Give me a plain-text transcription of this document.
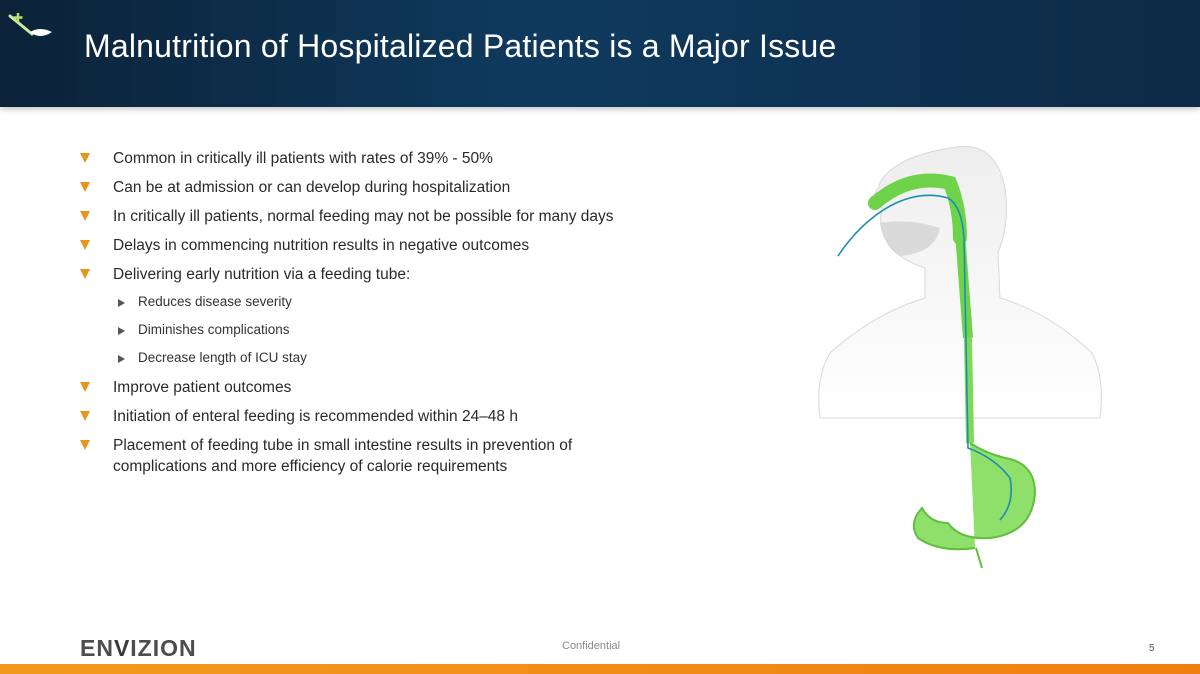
Malnutrition of Hospitalized Patients is a Major Issue
Common in critically ill patients with rates of 39% - 50%
Can be at admission or can develop during hospitalization
In critically ill patients, normal feeding may not be possible for many days
Delays in commencing nutrition results in negative outcomes
Delivering early nutrition via a feeding tube:
Reduces disease severity
Diminishes complications
Decrease length of ICU stay
Improve patient outcomes
Initiation of enteral feeding is recommended within 24–48 h
Placement of feeding tube in small intestine results in prevention of complications and more efficiency of calorie requirements
ENVIZION	Confidential	5
